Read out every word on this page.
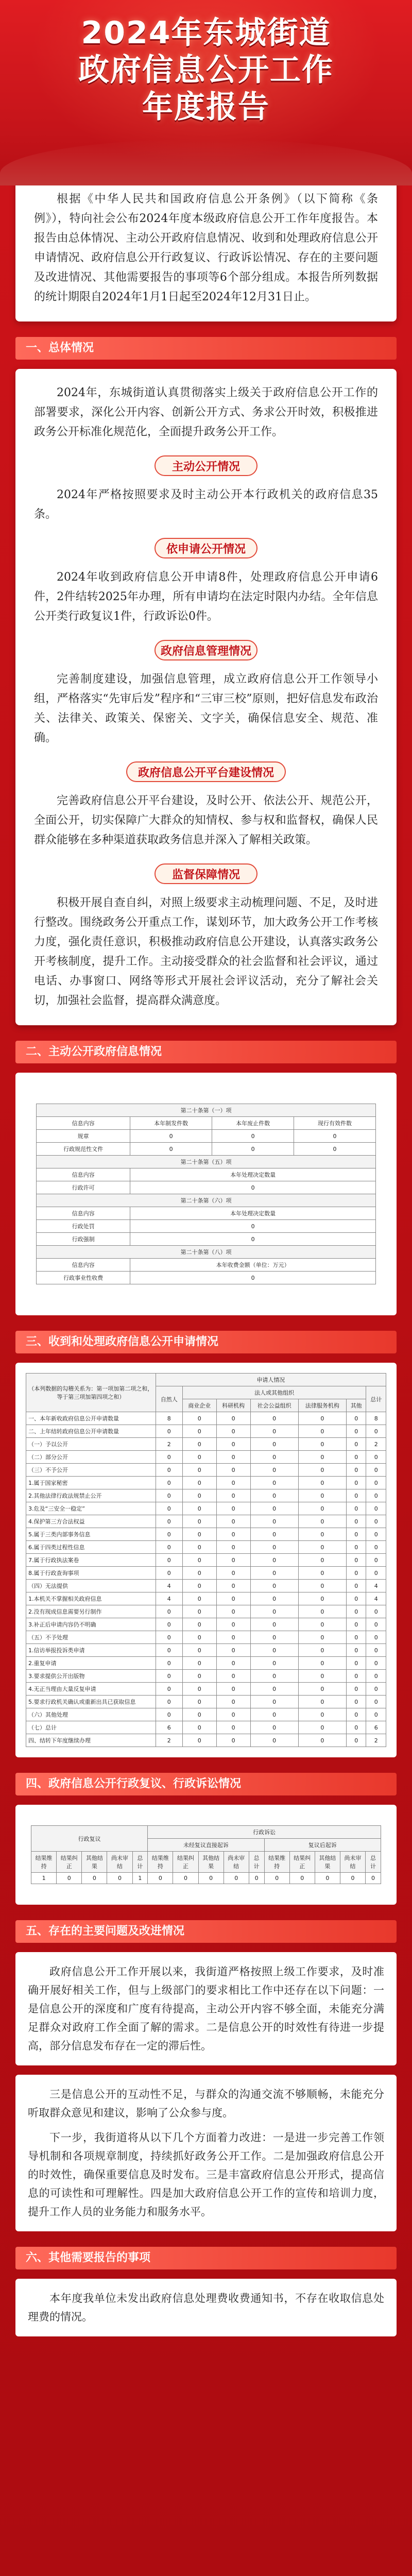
2024年东城街道
政府信息公开工作
年度报告

根据《中华人民共和国政府信息公开条例》（以下简称《条例》），特向社会公布2024年度本级政府信息公开工作年度报告。本报告由总体情况、主动公开政府信息情况、收到和处理政府信息公开申请情况、政府信息公开行政复议、行政诉讼情况、存在的主要问题及改进情况、其他需要报告的事项等6个部分组成。本报告所列数据的统计期限自2024年1月1日起至2024年12月31日止。

一、总体情况

2024年，东城街道认真贯彻落实上级关于政府信息公开工作的部署要求，深化公开内容、创新公开方式、务求公开时效，积极推进政务公开标准化规范化，全面提升政务公开工作。

主动公开情况

2024年严格按照要求及时主动公开本行政机关的政府信息35条。

依申请公开情况

2024年收到政府信息公开申请8件，处理政府信息公开申请6件，2件结转2025年办理，所有申请均在法定时限内办结。全年信息公开类行政复议1件，行政诉讼0件。

政府信息管理情况

完善制度建设，加强信息管理，成立政府信息公开工作领导小组，严格落实“先审后发”程序和“三审三校”原则，把好信息发布政治关、法律关、政策关、保密关、文字关，确保信息安全、规范、准确。

政府信息公开平台建设情况

完善政府信息公开平台建设，及时公开、依法公开、规范公开，全面公开，切实保障广大群众的知情权、参与权和监督权，确保人民群众能够在多种渠道获取政务信息并深入了解相关政策。

监督保障情况

积极开展自查自纠，对照上级要求主动梳理问题、不足，及时进行整改。围绕政务公开重点工作，谋划环节，加大政务公开工作考核力度，强化责任意识，积极推动政府信息公开建设，认真落实政务公开考核制度，提升工作。主动接受群众的社会监督和社会评议，通过电话、办事窗口、网络等形式开展社会评议活动，充分了解社会关切，加强社会监督，提高群众满意度。

二、主动公开政府信息情况
第二十条第（一）项			
信息内容	本年制发件数	本年废止件数	现行有效件数
规章	0	0	0
行政规范性文件	0	0	0
第二十条第（五）项			
信息内容	本年处理决定数量		
行政许可	0		
第二十条第（六）项			
信息内容	本年处理决定数量		
行政处罚	0		
行政强制	0		
第二十条第（八）项			
信息内容	本年收费金额（单位：万元）		
行政事业性收费	0		
三、收到和处理政府信息公开申请情况
（本列数据的勾稽关系为：第一项加第二项之和，等于第三项加第四项之和）	申请人情况						
	自然人	法人或其他组织					总计
		商业企业	科研机构	社会公益组织	法律服务机构	其他	
一、本年新收政府信息公开申请数量	8	0	0	0	0	0	8
二、上年结转政府信息公开申请数量	0	0	0	0	0	0	0
（一）予以公开	2	0	0	0	0	0	2
（二）部分公开	0	0	0	0	0	0	0
（三）不予公开	0	0	0	0	0	0	0
1.属于国家秘密	0	0	0	0	0	0	0
2.其他法律行政法规禁止公开	0	0	0	0	0	0	0
3.危及“三安全一稳定”	0	0	0	0	0	0	0
4.保护第三方合法权益	0	0	0	0	0	0	0
5.属于三类内部事务信息	0	0	0	0	0	0	0
6.属于四类过程性信息	0	0	0	0	0	0	0
7.属于行政执法案卷	0	0	0	0	0	0	0
8.属于行政查询事项	0	0	0	0	0	0	0
（四）无法提供	4	0	0	0	0	0	4
1.本机关不掌握相关政府信息	4	0	0	0	0	0	4
2.没有现成信息需要另行制作	0	0	0	0	0	0	0
3.补正后申请内容仍不明确	0	0	0	0	0	0	0
（五）不予处理	0	0	0	0	0	0	0
1.信访举报投诉类申请	0	0	0	0	0	0	0
2.重复申请	0	0	0	0	0	0	0
3.要求提供公开出版物	0	0	0	0	0	0	0
4.无正当理由大量反复申请	0	0	0	0	0	0	0
5.要求行政机关确认或重新出具已获取信息	0	0	0	0	0	0	0
（六）其他处理	0	0	0	0	0	0	0
（七）总计	6	0	0	0	0	0	6
四、结转下年度继续办理	2	0	0	0	0	0	2
四、政府信息公开行政复议、行政诉讼情况
行政复议					行政诉讼									
					未经复议直接起诉					复议后起诉				
结果维持	结果纠正	其他结果	尚未审结	总计	结果维持	结果纠正	其他结果	尚未审结	总计	结果维持	结果纠正	其他结果	尚未审结	总计
1	0	0	0	1	0	0	0	0	0	0	0	0	0	0
五、存在的主要问题及改进情况

政府信息公开工作开展以来，我街道严格按照上级工作要求，及时准确开展好相关工作，但与上级部门的要求相比工作中还存在以下问题：一是信息公开的深度和广度有待提高，主动公开内容不够全面，未能充分满足群众对政府工作全面了解的需求。二是信息公开的时效性有待进一步提高，部分信息发布存在一定的滞后性。

三是信息公开的互动性不足，与群众的沟通交流不够顺畅，未能充分听取群众意见和建议，影响了公众参与度。

下一步，我街道将从以下几个方面着力改进：一是进一步完善工作领导机制和各项规章制度，持续抓好政务公开工作。二是加强政府信息公开的时效性，确保重要信息及时发布。三是丰富政府信息公开形式，提高信息的可读性和可理解性。四是加大政府信息公开工作的宣传和培训力度，提升工作人员的业务能力和服务水平。

六、其他需要报告的事项

本年度我单位未发出政府信息处理费收费通知书，不存在收取信息处理费的情况。
